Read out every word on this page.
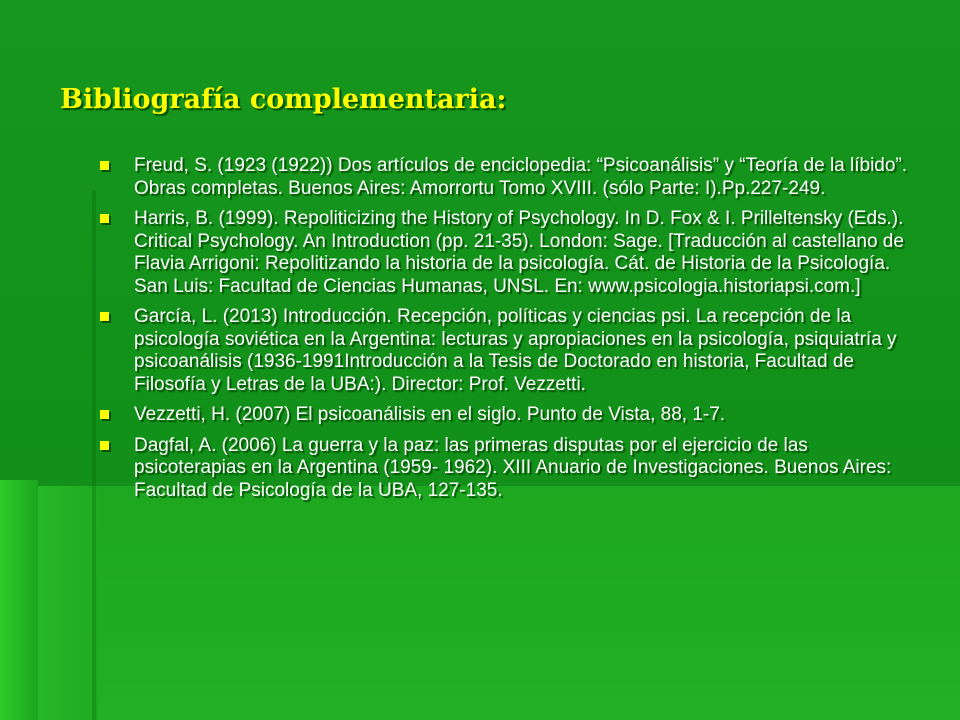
Bibliografía complementaria:
Freud, S. (1923 (1922)) Dos artículos de enciclopedia: “Psicoanálisis” y “Teoría de la líbido”. Obras completas. Buenos Aires: Amorrortu Tomo XVIII. (sólo Parte: I).Pp.227-249.
Harris, B. (1999). Repoliticizing the History of Psychology. In D. Fox & I. Prilleltensky (Eds.). Critical Psychology. An Introduction (pp. 21-35). London: Sage. [Traducción al castellano de Flavia Arrigoni: Repolitizando la historia de la psicología. Cát. de Historia de la Psicología. San Luis: Facultad de Ciencias Humanas, UNSL. En: www.psicologia.historiapsi.com.]
García, L. (2013) Introducción. Recepción, políticas y ciencias psi. La recepción de la psicología soviética en la Argentina: lecturas y apropiaciones en la psicología, psiquiatría y psicoanálisis (1936-1991Introducción a la Tesis de Doctorado en historia, Facultad de Filosofía y Letras de la UBA:). Director: Prof. Vezzetti.
Vezzetti, H. (2007) El psicoanálisis en el siglo. Punto de Vista, 88, 1-7.
Dagfal, A. (2006) La guerra y la paz: las primeras disputas por el ejercicio de las psicoterapias en la Argentina (1959- 1962). XIII Anuario de Investigaciones. Buenos Aires: Facultad de Psicología de la UBA, 127-135.
